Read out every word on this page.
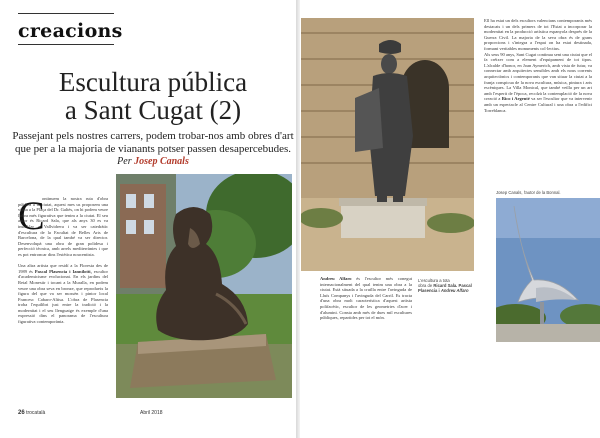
creacions
Escultura pública
a Sant Cugat (2)
Passejant pels nostres carrers, podem trobar-nos amb obres d'art que per a la majoria de vianants potser passen desapercebudes.
Per Josep Canals
C
ontinuem la nostra ruta d'obra pública a la ciutat, aquest mes us proposem una visita a la Plaça del Dr. Galtés, on hi podem veure l'obra més figurativa que tenim a la ciutat. El seu autor és Ricard Sala, que als anys 30 es va instal·lar a Vallvidrera i va ser catedràtic d'escultura de la Facultat de Belles Arts de Barcelona, de la qual també va ser director. Desenvolupà una obra de gran polidesa i perfecció tècnica, amb arrels mediterrànies i que es pot entroncar dins l'estètica noucentista.

Una altra artista que residí a la Floresta des de 1989 és Pascal Plasencia i Iannilotti, escultor d'academicisme evolucionat. En els jardins del Reial Monestir i tocant a la Muralla, en podem veure una obra seva en bronze, que reprodueix la figura del que va ser mossèn i pintor local Francesc Cabaro-Altisa. L'obra de Plasencia troba l'equilibri just entre la tradició i la modernitat i el seu llenguatge és exemple d'una expressió dins el panorama de l'escultura figurativa contemporània.
26 trocatalà	Abril 2018
Andreu Alfaro és l'escultor més conegut internacionalment del qual tenim una obra a la ciutat. Està situada a la cruïlla entre l'avinguda de Lluís Companys i l'avinguda del Carril. Es tracta d'una obra molt característica d'aquest artista polifacètic, escultor de les geometries d'acer i d'alumini. Consta amb més de dues mil escultures públiques, repartides per tot el món.
L'escultura a tota
obra de Ricard Sala. Pascal
Plasencia i Andreu Alfaro
Ell ha estat un dels escultors valencians contemporanis més destacats i un dels primers de tot l'Estat a incorporar la modernitat en la producció artística espanyola després de la Guerra Civil. La majoria de la seva obra és de grans proporcions i s'integra a l'espai on ha estat destinada, formant veritables monuments col·lectius.
Als seus 90 anys, Sant Cugat continua sent una ciutat que el fa créixer com a element d'equipament de tot tipus. L'alcalde d'honor, en Joan Aymerich, amb vista de futur, va connectar amb arquitectes sensibles amb els nous corrents arquitectònics i contemporanis que van situar la ciutat a la franja conspicua de la nova escultura, música, pintura i arts escèniques. La Villa Montcal, que també vetlla per un art amb l'esperit de l'època, recolzà la contemplació de la nova creació a Rico i Argenté va ser l'escultor que va intervenir amb un espectacle al Centre Cultural i una obra a l'edifici Torreblanca.
Josep Canals, l'autor de la Bonnal.
